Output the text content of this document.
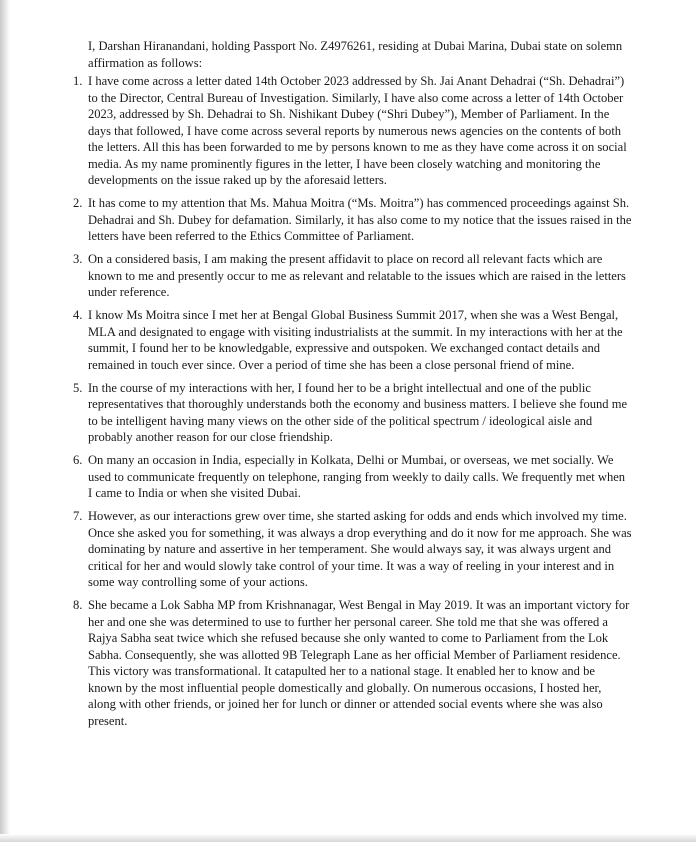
I, Darshan Hiranandani, holding Passport No. Z4976261, residing at Dubai Marina, Dubai state on solemn affirmation as follows:

1. I have come across a letter dated 14th October 2023 addressed by Sh. Jai Anant Dehadrai (“Sh. Dehadrai”) to the Director, Central Bureau of Investigation. Similarly, I have also come across a letter of 14th October 2023, addressed by Sh. Dehadrai to Sh. Nishikant Dubey (“Shri Dubey”), Member of Parliament. In the days that followed, I have come across several reports by numerous news agencies on the contents of both the letters. All this has been forwarded to me by persons known to me as they have come across it on social media. As my name prominently figures in the letter, I have been closely watching and monitoring the developments on the issue raked up by the aforesaid letters.
2. It has come to my attention that Ms. Mahua Moitra (“Ms. Moitra”) has commenced proceedings against Sh. Dehadrai and Sh. Dubey for defamation. Similarly, it has also come to my notice that the issues raised in the letters have been referred to the Ethics Committee of Parliament.
3. On a considered basis, I am making the present affidavit to place on record all relevant facts which are known to me and presently occur to me as relevant and relatable to the issues which are raised in the letters under reference.
4. I know Ms Moitra since I met her at Bengal Global Business Summit 2017, when she was a West Bengal, MLA and designated to engage with visiting industrialists at the summit. In my interactions with her at the summit, I found her to be knowledgable, expressive and outspoken. We exchanged contact details and remained in touch ever since. Over a period of time she has been a close personal friend of mine.
5. In the course of my interactions with her, I found her to be a bright intellectual and one of the public representatives that thoroughly understands both the economy and business matters. I believe she found me to be intelligent having many views on the other side of the political spectrum / ideological aisle and probably another reason for our close friendship.
6. On many an occasion in India, especially in Kolkata, Delhi or Mumbai, or overseas, we met socially. We used to communicate frequently on telephone, ranging from weekly to daily calls. We frequently met when I came to India or when she visited Dubai.
7. However, as our interactions grew over time, she started asking for odds and ends which involved my time. Once she asked you for something, it was always a drop everything and do it now for me approach. She was dominating by nature and assertive in her temperament. She would always say, it was always urgent and critical for her and would slowly take control of your time. It was a way of reeling in your interest and in some way controlling some of your actions.
8. She became a Lok Sabha MP from Krishnanagar, West Bengal in May 2019. It was an important victory for her and one she was determined to use to further her personal career. She told me that she was offered a Rajya Sabha seat twice which she refused because she only wanted to come to Parliament from the Lok Sabha. Consequently, she was allotted 9B Telegraph Lane as her official Member of Parliament residence. This victory was transformational. It catapulted her to a national stage. It enabled her to know and be known by the most influential people domestically and globally. On numerous occasions, I hosted her, along with other friends, or joined her for lunch or dinner or attended social events where she was also present.
